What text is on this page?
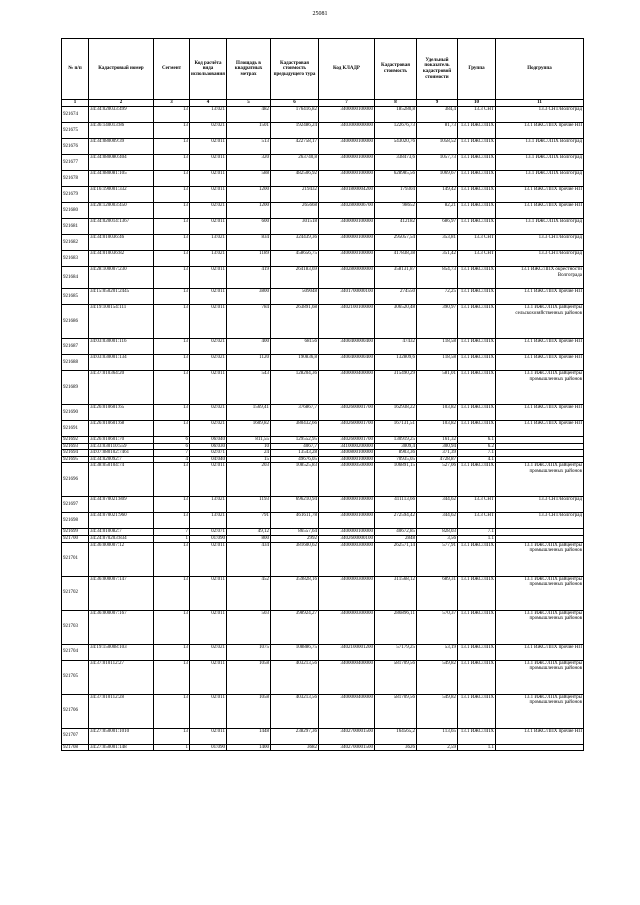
25081
№ п/п	Кадастровый номер	Сегмент	Код расчёта вида использования	Площадь в квадратных метрах	Кадастровая стоимость предыдущего тура	Код КЛАДР	Кадастровая стоимость	Удельный показатель кадастровой стоимости	Группа	Подгруппа
1	2	3	4	5	6	7	8	9	10	11
921674	34:34:020033:499	13	13:021	482	176416,82	3400000100000	185280,8	384,4	13.3 СНТ	13.3 СНТ/Волгоград
921675	34:36:140013:86	13	02:021	1501	192486,24	3403000000000	122676,73	81,73	13.1 ИЖС/ЛПХ	13.1 ИЖС/ЛПХ прочие НП
921676	34:34:080009:39	13	02:011	513	422758,17	3400000100000	543020,76	1058,52	13.1 ИЖС/ЛПХ	13.1 ИЖС/ЛПХ Волгоград
921677	34:34:080080:404	13	02:011	320	263740,8	3400000100000	338473,6	1057,73	13.1 ИЖС/ЛПХ	13.1 ИЖС/ЛПХ Волгоград
921678	34:34:080081:105	13	02:011	588	482506,92	3400000100000	628985,56	1069,67	13.1 ИЖС/ЛПХ	13.1 ИЖС/ЛПХ Волгоград
921679	34:16:190001:332	13	02:011	1200	219432	3401800004200	179304	149,42	13.1 ИЖС/ЛПХ	13.1 ИЖС/ЛПХ прочие НП
921680	34:28:120003:450	13	02:021	1200	265668	3402800006700	98652	82,21	13.1 ИЖС/ЛПХ	13.1 ИЖС/ЛПХ прочие НП
921681	34:34:020014:1367	13	02:011	600	301518	3400000100000	412182	686,97	13.1 ИЖС/ЛПХ	13.1 ИЖС/ЛПХ Волгоград
921682	34:34:010036:46	13	13:021	834	324439,36	3400000100000	295057,54	353,81	13.3 СНТ	13.3 СНТ/Волгоград
921683	34:34:010036:82	13	13:021	1189	458656,75	3400000100000	417838,38	351,42	13.3 СНТ	13.3 СНТ/Волгоград
921684	34:28:100007:230	13	02:011	419	264183,69	3402800000000	358131,87	854,73	13.1 ИЖС/ЛПХ	13.1 ИЖС/ЛПХ окрестности Волгограда
921685	34:15:050201:2445	13	02:011	3800	509048	3401700000100	274550	72,25	13.1 ИЖС/ЛПХ	13.1 ИЖС/ЛПХ прочие НП
921686	34:19:100154:111	13	02:011	784	263891,68	3402100100000	306520,48	390,97	13.1 ИЖС/ЛПХ	13.1 ИЖС/ЛПХ райцентры сельскохозяйственных районов
921687	34:03:030001:116	13	02:021	400	68156	3400400000400	47432	118,58	13.1 ИЖС/ЛПХ	13.1 ИЖС/ЛПХ прочие НП
921688	34:03:030001:134	13	02:021	1120	190836,8	3400400000400	132809,6	118,58	13.1 ИЖС/ЛПХ	13.1 ИЖС/ЛПХ прочие НП
921689	34:37:010364:20	13	02:011	543	128204,36	3400000400000	315490,29	581,01	13.1 ИЖС/ЛПХ	13.1 ИЖС/ЛПХ райцентры промышленных районов
921690	34:26:010601:65	13	02:021	1569,41	376867,7	3402600001700	162938,22	103,82	13.1 ИЖС/ЛПХ	13.1 ИЖС/ЛПХ прочие НП
921691	34:26:010601:68	13	02:021	1609,82	380432,66	3402600001700	167131,51	103,82	13.1 ИЖС/ЛПХ	13.1 ИЖС/ЛПХ прочие НП
921692	34:26:010601:70	6	06:040	811,55	129552,95	3402600001700	130919,25	161,32	6.1	
921693	34:33:030110:559	6	06:030	10	4067,7	3410000200000	3009,4	300,94	6.2	
921694	34:07:080102:7461	7	02:071	24	13543,28	3400800100000	8903,36	371,39	7.1	
921695	34:34:020092:7	4	04:040	15	49676,05	3400000100000	70935,05	4728,87	4.1	
921696	34:38:050104:74	13	02:011	203	108525,83	3400000500000	106891,15	527,06	13.1 ИЖС/ЛПХ	13.1 ИЖС/ЛПХ райцентры промышленных районов
921697	34:34:070021:809	13	13:021	1193	696210,94	3400000100000	411113,66	344,62	13.3 СНТ	13.3 СНТ/Волгоград
921698	34:34:070021:960	13	13:021	791	461611,78	3400000100000	272594,42	344,62	13.3 СНТ	13.3 СНТ/Волгоград
921699	34:34:010082:7	7	02:071	49,12	86557,64	3400000100000	40672,85	828,03	7.1	
921700	34:24:070203:834	1	01:090	800	2992	3402600000100	2848	3,56	1.1	
921701	34:36:000007:12	13	02:011	434	381600,62	3400000300000	262571,14	577,91	13.1 ИЖС/ЛПХ	13.1 ИЖС/ЛПХ райцентры промышленных районов
921702	34:36:000007:147	13	02:011	452	359828,16	3400000300000	311568,12	689,31	13.1 ИЖС/ЛПХ	13.1 ИЖС/ЛПХ райцентры промышленных районов
921703	34:36:000007:167	13	02:011	503	398924,27	3400000300000	286896,11	570,37	13.1 ИЖС/ЛПХ	13.1 ИЖС/ЛПХ райцентры промышленных районов
921704	34:19:150008:103	13	02:021	1075	108886,75	3402100001200	57179,25	53,19	13.1 ИЖС/ЛПХ	13.1 ИЖС/ЛПХ прочие НП
921705	34:37:010112:27	13	02:011	1058	403213,56	3400000400000	581709,56	549,82	13.1 ИЖС/ЛПХ	13.1 ИЖС/ЛПХ райцентры промышленных районов
921706	34:37:010112:28	13	02:011	1058	403213,56	3400000400000	581709,56	549,82	13.1 ИЖС/ЛПХ	13.1 ИЖС/ЛПХ райцентры промышленных районов
921707	34:27:050001:1010	13	02:011	1448	238297,36	3402700001500	164565,2	113,65	13.1 ИЖС/ЛПХ	13.1 ИЖС/ЛПХ прочие НП
921708	34:27:050001:148	1	01:090	1400	3682	3402700001500	3626	2,59	1.1	
